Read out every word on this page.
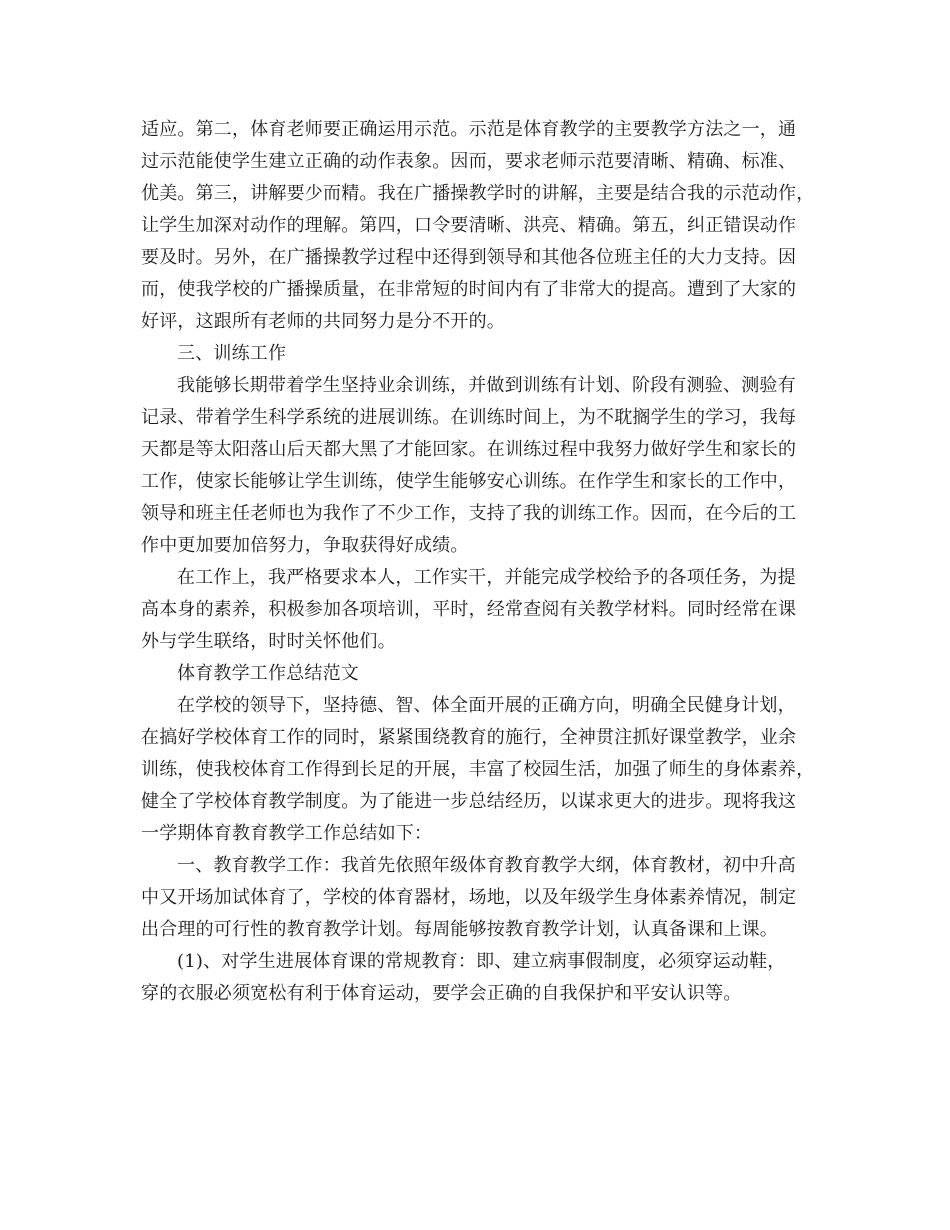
适应。第二，体育老师要正确运用示范。示范是体育教学的主要教学方法之一，通
过示范能使学生建立正确的动作表象。因而，要求老师示范要清晰、精确、标准、
优美。第三，讲解要少而精。我在广播操教学时的讲解，主要是结合我的示范动作，
让学生加深对动作的理解。第四，口令要清晰、洪亮、精确。第五，纠正错误动作
要及时。另外，在广播操教学过程中还得到领导和其他各位班主任的大力支持。因
而，使我学校的广播操质量，在非常短的时间内有了非常大的提高。遭到了大家的
好评，这跟所有老师的共同努力是分不开的。
三、训练工作
我能够长期带着学生坚持业余训练，并做到训练有计划、阶段有测验、测验有
记录、带着学生科学系统的进展训练。在训练时间上，为不耽搁学生的学习，我每
天都是等太阳落山后天都大黑了才能回家。在训练过程中我努力做好学生和家长的
工作，使家长能够让学生训练，使学生能够安心训练。在作学生和家长的工作中，
领导和班主任老师也为我作了不少工作，支持了我的训练工作。因而，在今后的工
作中更加要加倍努力，争取获得好成绩。
在工作上，我严格要求本人，工作实干，并能完成学校给予的各项任务，为提
高本身的素养，积极参加各项培训，平时，经常查阅有关教学材料。同时经常在课
外与学生联络，时时关怀他们。
体育教学工作总结范文
在学校的领导下，坚持德、智、体全面开展的正确方向，明确全民健身计划，
在搞好学校体育工作的同时，紧紧围绕教育的施行，全神贯注抓好课堂教学，业余
训练，使我校体育工作得到长足的开展，丰富了校园生活，加强了师生的身体素养，
健全了学校体育教学制度。为了能进一步总结经历，以谋求更大的进步。现将我这
一学期体育教育教学工作总结如下：
一、教育教学工作：我首先依照年级体育教育教学大纲，体育教材，初中升高
中又开场加试体育了，学校的体育器材，场地，以及年级学生身体素养情况，制定
出合理的可行性的教育教学计划。每周能够按教育教学计划，认真备课和上课。
(1)、对学生进展体育课的常规教育：即、建立病事假制度，必须穿运动鞋，
穿的衣服必须宽松有利于体育运动，要学会正确的自我保护和平安认识等。
